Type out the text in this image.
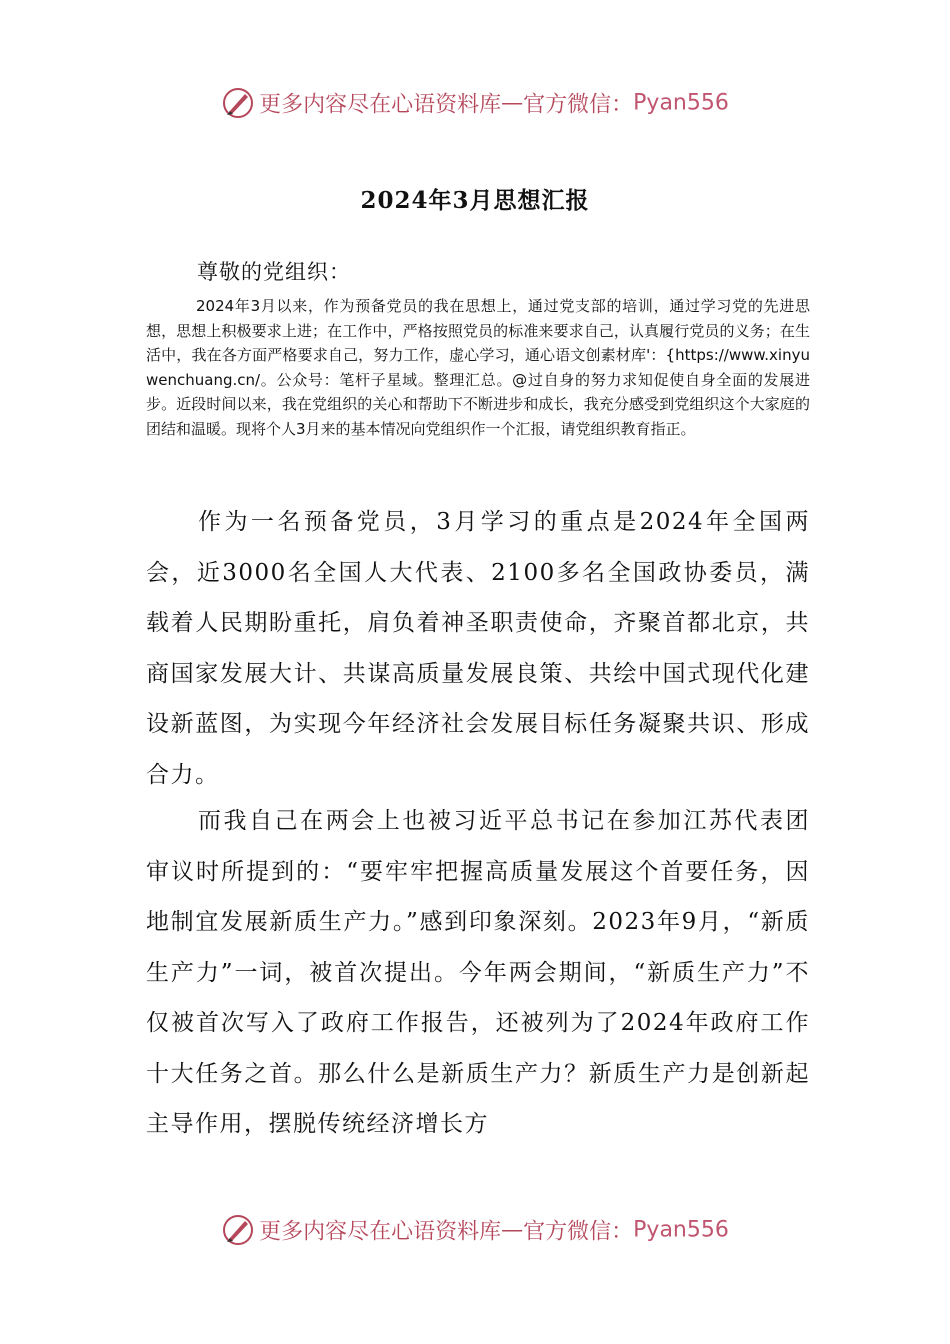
更多内容尽在心语资料库—官方微信：Pyan556
2024年3月思想汇报
尊敬的党组织：
2024年3月以来，作为预备党员的我在思想上，通过党支部的培训，通过学习党的先进思想，思想上积极要求上进；在工作中，严格按照党员的标准来要求自己，认真履行党员的义务；在生活中，我在各方面严格要求自己，努力工作，虚心学习，通心语文创素材库'：{https://www.xinyuwenchuang.cn/。公众号：笔杆子星域。整理汇总。@过自身的努力求知促使自身全面的发展进步。近段时间以来，我在党组织的关心和帮助下不断进步和成长，我充分感受到党组织这个大家庭的团结和温暖。现将个人3月来的基本情况向党组织作一个汇报，请党组织教育指正。
作为一名预备党员，3月学习的重点是2024年全国两会，近3000名全国人大代表、2100多名全国政协委员，满载着人民期盼重托，肩负着神圣职责使命，齐聚首都北京，共商国家发展大计、共谋高质量发展良策、共绘中国式现代化建设新蓝图，为实现今年经济社会发展目标任务凝聚共识、形成合力。
而我自己在两会上也被习近平总书记在参加江苏代表团审议时所提到的：“要牢牢把握高质量发展这个首要任务，因地制宜发展新质生产力。”感到印象深刻。2023年9月，“新质生产力”一词，被首次提出。今年两会期间，“新质生产力”不仅被首次写入了政府工作报告，还被列为了2024年政府工作十大任务之首。那么什么是新质生产力？新质生产力是创新起主导作用，摆脱传统经济增长方
更多内容尽在心语资料库—官方微信：Pyan556
